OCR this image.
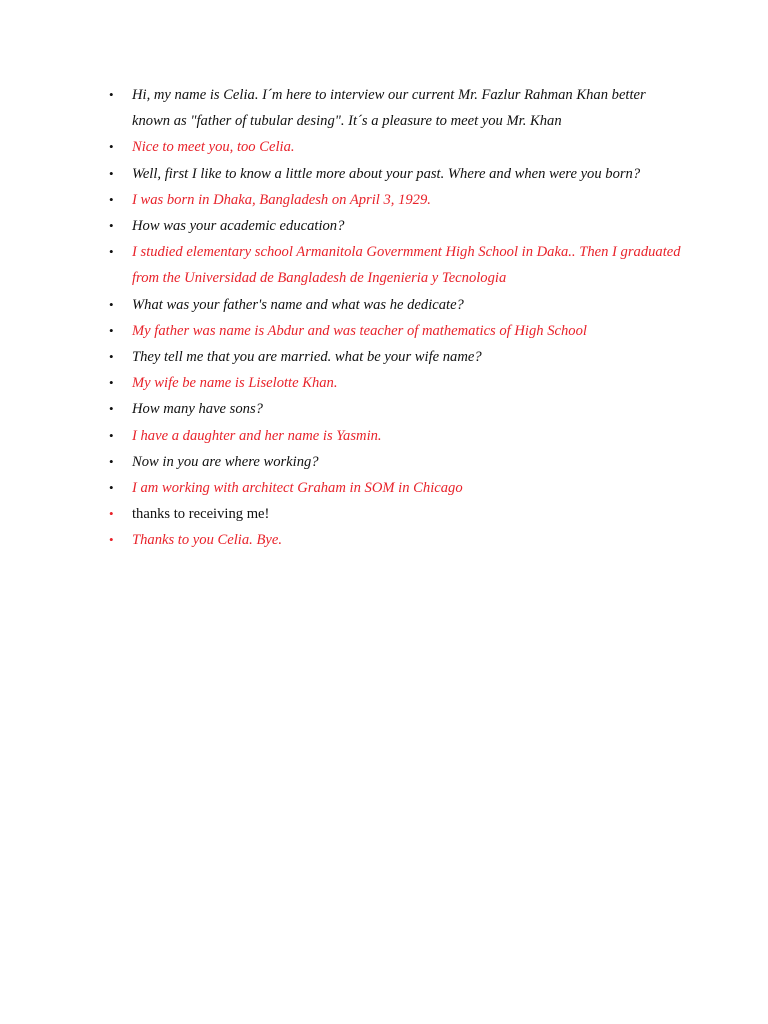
• Hi, my name is Celia. I´m here to interview our current Mr. Fazlur Rahman Khan better known as "father of tubular desing". It´s a pleasure to meet you Mr. Khan
• Nice to meet you, too Celia.
• Well, first I like to know a little more about your past. Where and when were you born?
• I was born in Dhaka, Bangladesh on April 3, 1929.
• How was your academic education?
• I studied elementary school Armanitola Govermment High School in Daka.. Then I graduated from the Universidad de Bangladesh de Ingenieria y Tecnologia
• What was your father's name and what was he dedicate?
• My father was name is Abdur and was teacher of mathematics of High School
• They tell me that you are married. what be your wife name?
• My wife be name is Liselotte Khan.
• How many have sons?
• I have a daughter and her name is Yasmin.
• Now in you are where working?
• I am working with architect Graham in SOM in Chicago
• thanks to receiving me!
• Thanks to you Celia. Bye.
